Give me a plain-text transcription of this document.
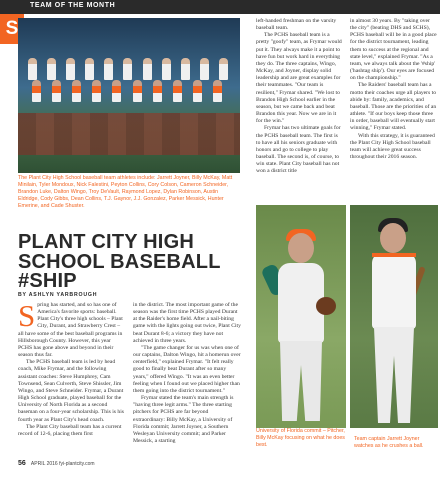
TEAM OF THE MONTH
S
The Plant City High School baseball team athletes include: Jarrett Joyner, Billy McKay, Matt Minilain, Tyler Mondoux, Nick Falestini, Peyton Collins, Cory Colson, Cameron Schneider, Brandon Luke, Dalton Wingo, Troy DeVault, Raymond Lopez, Dylan Robinson, Austin Eldridge, Cody Gibbs, Dean Collins, T.J. Gaynor, J.J. Gonzalez, Parker Messick, Hunter Emerine, and Cade Shuster.
PLANT CITY HIGH SCHOOL BASEBALL #SHIP
BY ASHLYN YARBROUGH

Spring has started, and so has one of America's favorite sports: baseball. Plant City's three high schools – Plant City, Durant, and Strawberry Crest – all have some of the best baseball programs in Hillsborough County. However, this year PCHS has gone above and beyond in their season thus far.

The PCHS baseball team is led by head coach, Mike Frymar, and the following assistant coaches: Steve Humphrey, Cam Townsend, Sean Culverth, Steve Shissler, Jim Wingo, and Steve Schneider. Frymar, a Durant High School graduate, played baseball for the University of North Florida as a second baseman on a four-year scholarship. This is his fourth year as Plant City's head coach.

The Plant City baseball team has a current record of 12-6, placing them first

in the district. The most important game of the season was the first time PCHS played Durant at the Raider's home field. After a nail-biting game with the lights going out twice, Plant City beat Durant 8-6; a victory they have not achieved in three years.

"The game changer for us was when one of our captains, Dalton Wingo, hit a homerun over centerfield," explained Frymar. "It felt really good to finally beat Durant after so many years," offered Wingo. "It was an even better feeling when I found out we placed higher than them going into the district tournament."

Frymar stated the team's main strength is "having three legit arms." The three starting pitchers for PCHS are far beyond extraordinary: Billy McKay, a University of Florida commit; Jarrett Joyner, a Southern Wesleyan University commit; and Parker Messick, a starting

left-handed freshman on the varsity baseball team.

The PCHS baseball team is a pretty "goofy" team, as Frymar would put it. They always make it a point to have fun but work hard in everything they do. The three captains, Wingo, McKay, and Joyner, display solid leadership and are great examples for their teammates. "Our team is resilient," Frymar shared. "We lost to Brandon High School earlier in the season, but we came back and beat Brandon this year. Now we are in it for the win."

Frymar has two ultimate goals for the PCHS baseball team. The first is to have all his seniors graduate with honors and go to college to play baseball. The second is, of course, to win state. Plant City baseball has not won a district title

in almost 30 years. By "taking over the city" (beating DHS and SCHS), PCHS baseball will be in a good place for the district tournament, leading them to success at the regional and state level," explained Frymar. "As a team, we always talk about the '#ship' ('hashtag ship'). Our eyes are focused on the championship."

The Raiders' baseball team has a motto their coaches urge all players to abide by: family, academics, and baseball. Those are the priorities of an athlete. "If our boys keep those three in order, baseball will eventually start winning," Frymar stated.

With this strategy, it is guaranteed the Plant City High School baseball team will achieve great success throughout their 2016 season.

University of Florida commit – Pitcher, Billy McKay focusing on what he does best.
Team captain Jarrett Joyner watches as he crushes a ball.
56 APRIL 2016 fyi-plantcity.com
